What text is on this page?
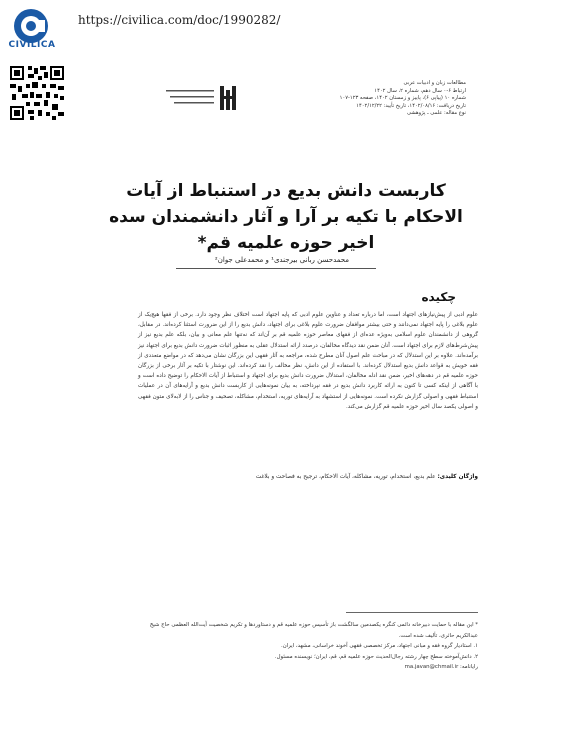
CIVILICA
https://civilica.com/doc/1990282/
مطالعات زبان و ادبیات عربی
ارتباط ۶-۰ سال دهم، شماره ۲، سال ۱۴۰۲
شماره ۱۰ (پیاپی ۶)، پاییز و زمستان ۱۴۰۲، صفحه ۱۲۳-۱۰۷
تاریخ دریافت: ۱۴۰۲/۰۸/۱۶، تاریخ تأیید: ۱۴۰۲/۱۲/۲۲
نوع مقاله: علمی ـ پژوهشی
کاربست دانش بدیع در استنباط از آیات الاحکام با تکیه بر آرا و آثار دانشمندان سده اخیر حوزه علمیه قم*
محمدحسن ربانی بیرجندی¹ و محمدعلی جوان²
چکیده
علوم ادبی از پیش‌نیازهای اجتهاد است، اما درباره تعداد و عناوین علوم ادبی که پایه اجتهاد است اختلاف نظر وجود دارد. برخی از فقها هیچ‌یک از علوم بلاغی را پایه اجتهاد نمی‌دانند و حتی بیشتر موافقان ضرورت علوم بلاغی برای اجتهاد، دانش بدیع را از این ضرورت استثنا کرده‌اند. در مقابل، گروهی از دانشمندان علوم اسلامی به‌ویژه عده‌ای از فقهای معاصر حوزه علمیه قم بر آن‌اند که نه‌تنها علم معانی و بیان، بلکه علم بدیع نیز از پیش‌شرط‌های لازم برای اجتهاد است. آنان ضمن نقد دیدگاه مخالفان، درصدد ارائه استدلال عقلی به منظور اثبات ضرورت دانش بدیع برای اجتهاد نیز برآمده‌اند. علاوه بر این استدلال که در مباحث علم اصول آنان مطرح شده، مراجعه به آثار فقهی این بزرگان نشان می‌دهد که در مواضع متعددی از فقه خویش به قواعد دانش بدیع استدلال کرده‌اند. با استفاده از این دانش، نظر مخالف را نقد کرده‌اند. این نوشتار با تکیه بر آثار برخی از بزرگان حوزه علمیه قم در دهه‌های اخیر، ضمن نقد ادله مخالفان، استدلال ضرورت دانش بدیع برای اجتهاد و استنباط از آیات الاحکام را توضیح داده است و با آگاهی از اینکه کسی تا کنون به ارائه کاربرد دانش بدیع در فقه نپرداخته، به بیان نمونه‌هایی از کاربست دانش بدیع و آرایه‌های آن در عملیات استنباط فقهی و اصولی گزارش نکرده است. نمونه‌هایی از استشهاد به آرایه‌های توریه، استخدام، مشاکله، تصحیف و جناس را از لابه‌لای متون فقهی و اصولی یکصد سال اخیر حوزه علمیه قم گزارش می‌کند.
واژگان کلیدی: علم بدیع، استخدام، توریه، مشاکله، آیات الاحکام، ترجیح به فصاحت و بلاغت

* این مقاله با حمایت دبیرخانه دائمی کنگره یکصدمین سالگشت باز تأسیس حوزه علمیه قم و دستاوردها و تکریم شخصیت آیت‌الله العظمی حاج شیخ عبدالکریم حائری، تألیف شده است.

۱. استادیار گروه فقه و مبانی اجتهاد، مرکز تخصصی فقهی آخوند خراسانی، مشهد، ایران.

۲. دانش‌آموخته سطح چهار رشته رجال‌الحدیث حوزه علمیه قم، قم، ایران؛ نویسنده مسئول.

رایانامه: ma.javan@chmail.ir
